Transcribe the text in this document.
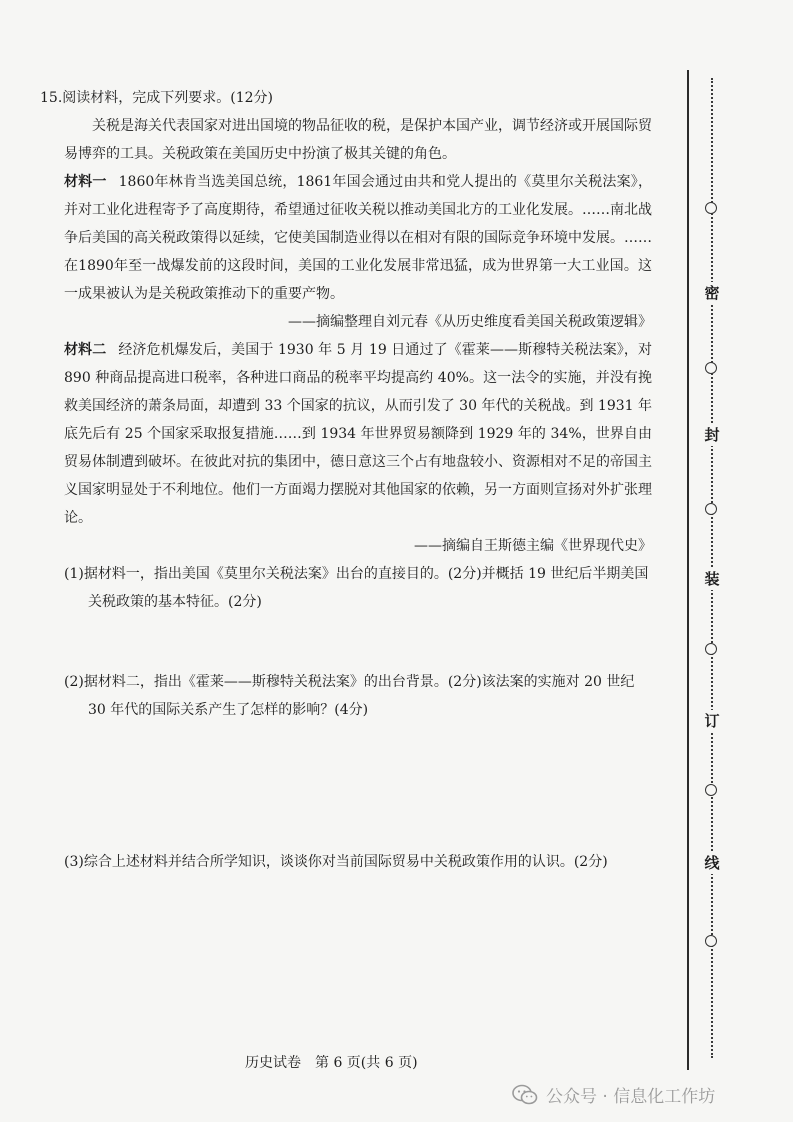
15.阅读材料，完成下列要求。(12分)

关税是海关代表国家对进出国境的物品征收的税，是保护本国产业，调节经济或开展国际贸易博弈的工具。关税政策在美国历史中扮演了极其关键的角色。

材料一 1860年林肯当选美国总统，1861年国会通过由共和党人提出的《莫里尔关税法案》，并对工业化进程寄予了高度期待，希望通过征收关税以推动美国北方的工业化发展。……南北战争后美国的高关税政策得以延续，它使美国制造业得以在相对有限的国际竞争环境中发展。……在1890年至一战爆发前的这段时间，美国的工业化发展非常迅猛，成为世界第一大工业国。这一成果被认为是关税政策推动下的重要产物。

——摘编整理自刘元春《从历史维度看美国关税政策逻辑》

材料二 经济危机爆发后，美国于 1930 年 5 月 19 日通过了《霍莱——斯穆特关税法案》，对 890 种商品提高进口税率，各种进口商品的税率平均提高约 40%。这一法令的实施，并没有挽救美国经济的萧条局面，却遭到 33 个国家的抗议，从而引发了 30 年代的关税战。到 1931 年底先后有 25 个国家采取报复措施……到 1934 年世界贸易额降到 1929 年的 34%，世界自由贸易体制遭到破坏。在彼此对抗的集团中，德日意这三个占有地盘较小、资源相对不足的帝国主义国家明显处于不利地位。他们一方面竭力摆脱对其他国家的依赖，另一方面则宣扬对外扩张理论。

——摘编自王斯德主编《世界现代史》

(1)据材料一，指出美国《莫里尔关税法案》出台的直接目的。(2分)并概括 19 世纪后半期美国关税政策的基本特征。(2分)

(2)据材料二，指出《霍莱——斯穆特关税法案》的出台背景。(2分)该法案的实施对 20 世纪 30 年代的国际关系产生了怎样的影响？(4分)

(3)综合上述材料并结合所学知识，谈谈你对当前国际贸易中关税政策作用的认识。(2分)

历史试卷　第 6 页(共 6 页)
密
封
装
订
线
公众号 · 信息化工作坊
